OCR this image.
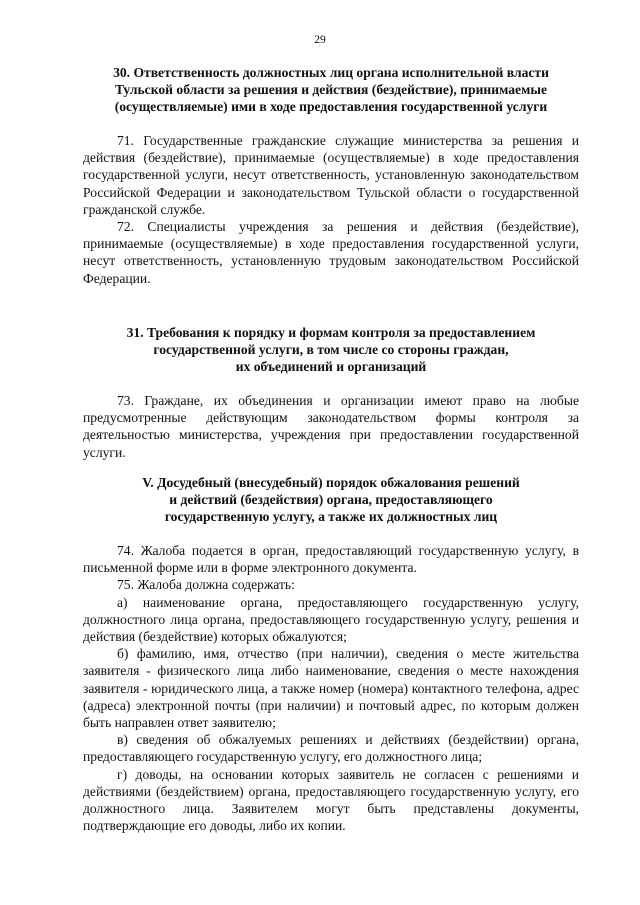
29
30. Ответственность должностных лиц органа исполнительной власти
Тульской области за решения и действия (бездействие), принимаемые
(осуществляемые) ими в ходе предоставления государственной услуги

71. Государственные гражданские служащие министерства за решения и действия (бездействие), принимаемые (осуществляемые) в ходе предоставления государственной услуги, несут ответственность, установленную законодательством Российской Федерации и законодательством Тульской области о государственной гражданской службе.

72. Специалисты учреждения за решения и действия (бездействие), принимаемые (осуществляемые) в ходе предоставления государственной услуги, несут ответственность, установленную трудовым законодательством Российской Федерации.

31. Требования к порядку и формам контроля за предоставлением
государственной услуги, в том числе со стороны граждан,
их объединений и организаций

73. Граждане, их объединения и организации имеют право на любые предусмотренные действующим законодательством формы контроля за деятельностью министерства, учреждения при предоставлении государственной услуги.

V. Досудебный (внесудебный) порядок обжалования решений
и действий (бездействия) органа, предоставляющего
государственную услугу, а также их должностных лиц

74. Жалоба подается в орган, предоставляющий государственную услугу, в письменной форме или в форме электронного документа.

75. Жалоба должна содержать:

а) наименование органа, предоставляющего государственную услугу, должностного лица органа, предоставляющего государственную услугу, решения и действия (бездействие) которых обжалуются;

б) фамилию, имя, отчество (при наличии), сведения о месте жительства заявителя - физического лица либо наименование, сведения о месте нахождения заявителя - юридического лица, а также номер (номера) контактного телефона, адрес (адреса) электронной почты (при наличии) и почтовый адрес, по которым должен быть направлен ответ заявителю;

в) сведения об обжалуемых решениях и действиях (бездействии) органа, предоставляющего государственную услугу, его должностного лица;

г) доводы, на основании которых заявитель не согласен с решениями и действиями (бездействием) органа, предоставляющего государственную услугу, его должностного лица. Заявителем могут быть представлены документы, подтверждающие его доводы, либо их копии.
